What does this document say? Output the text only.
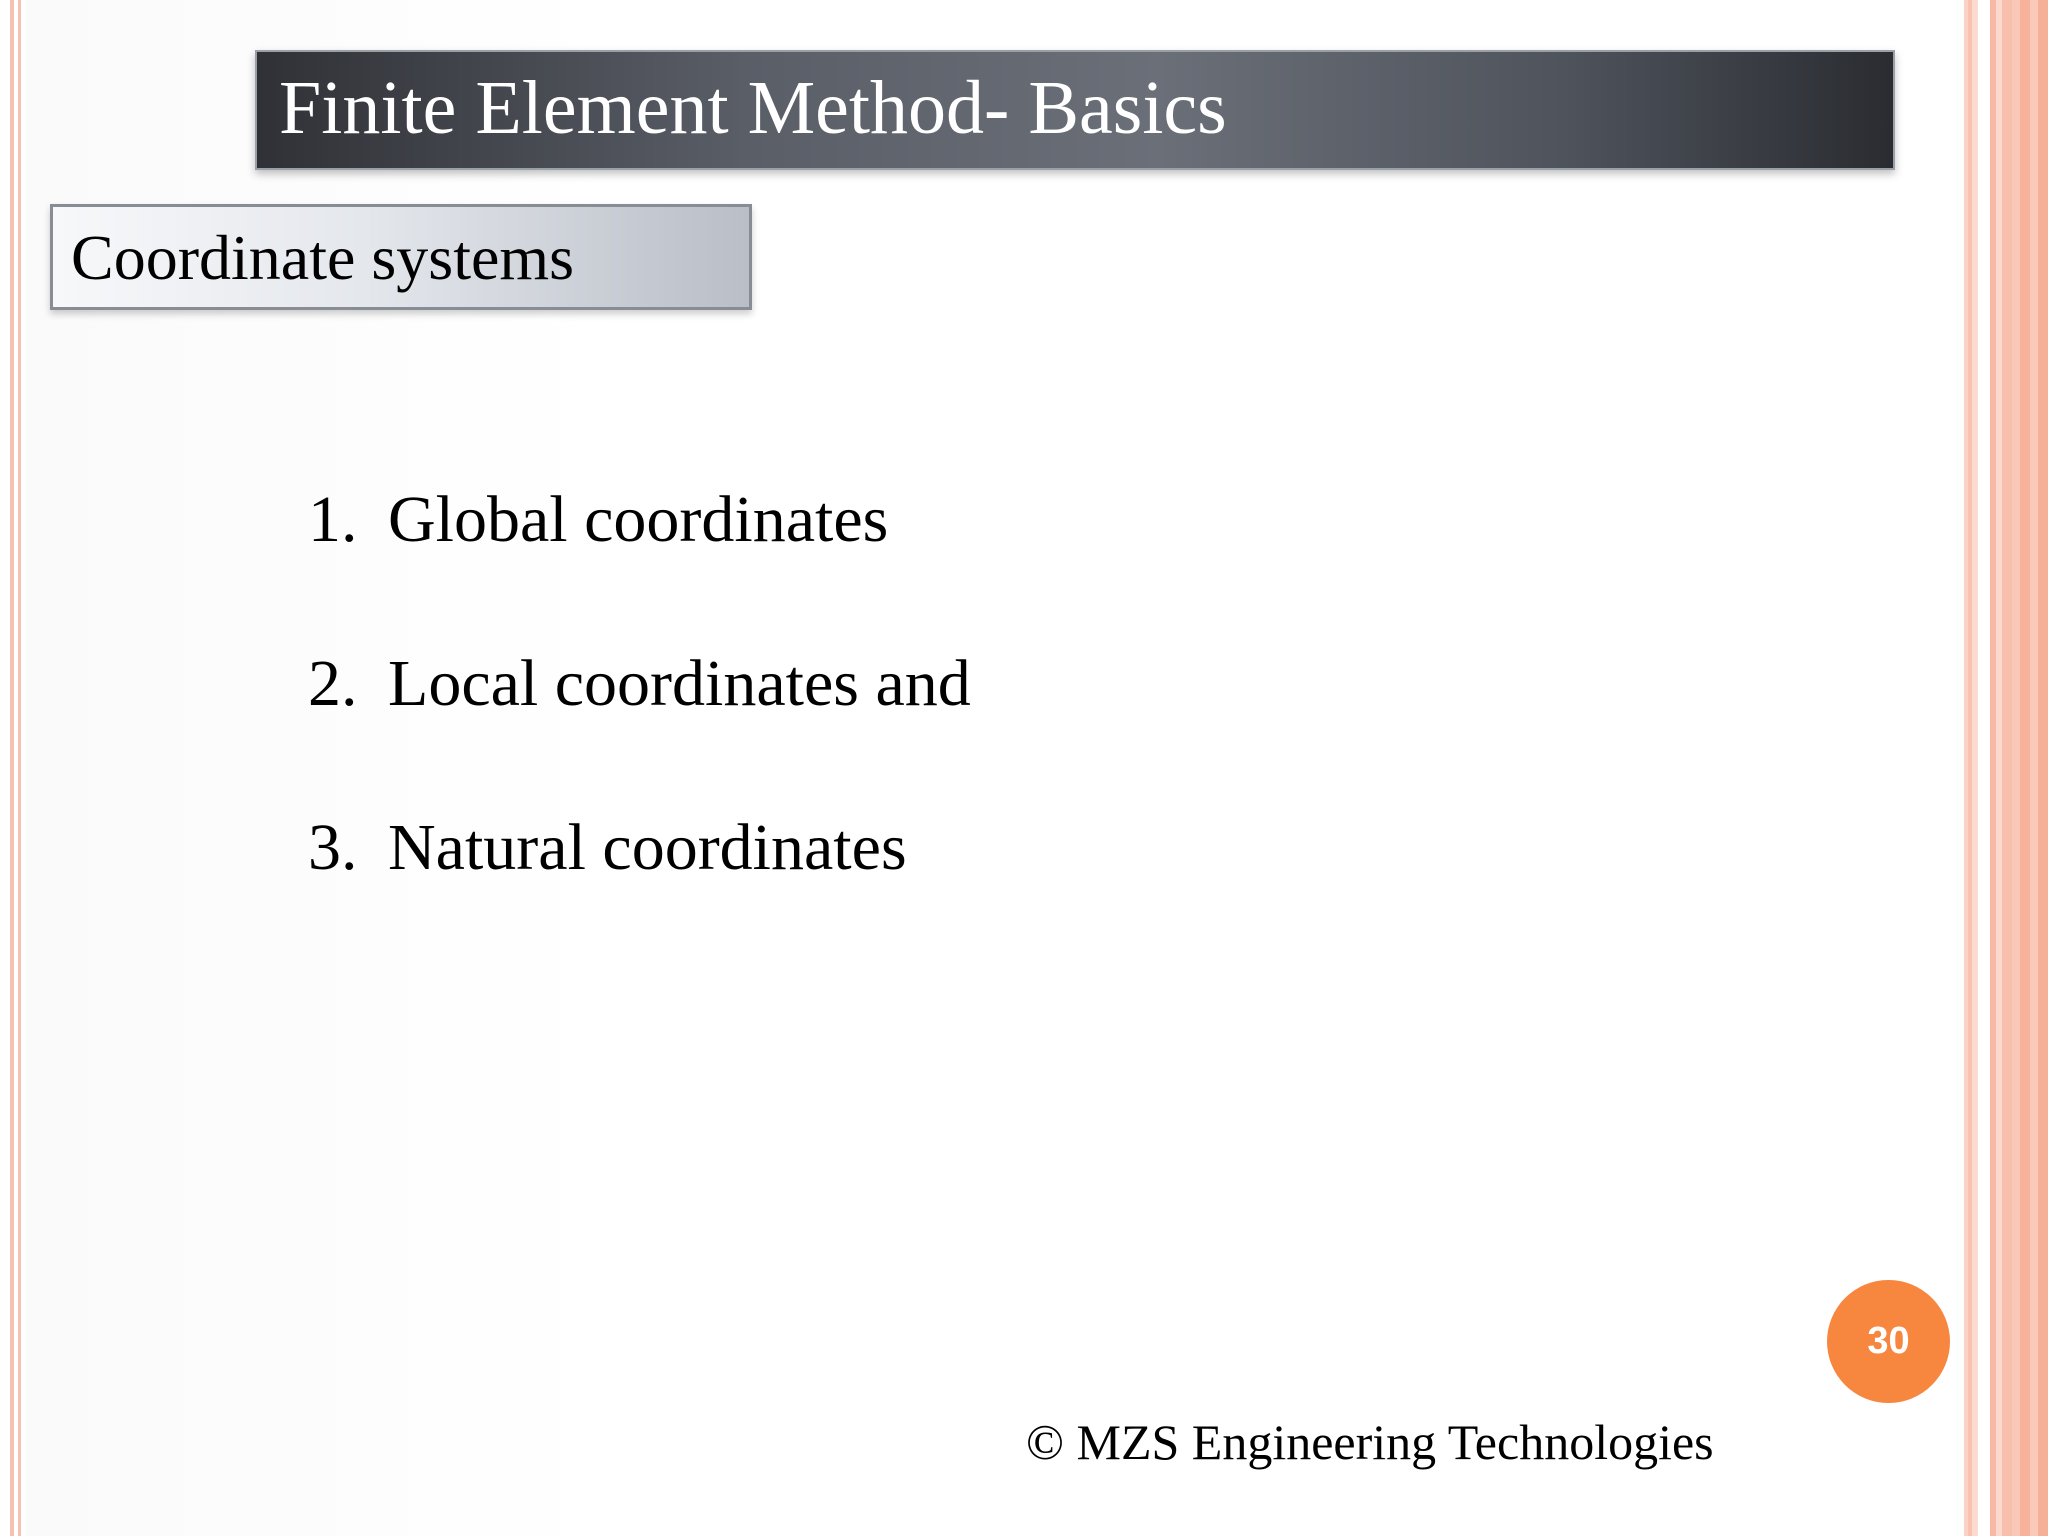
Finite Element Method- Basics
Coordinate systems
1. Global coordinates
2. Local coordinates and
3. Natural coordinates
30
© MZS Engineering Technologies
